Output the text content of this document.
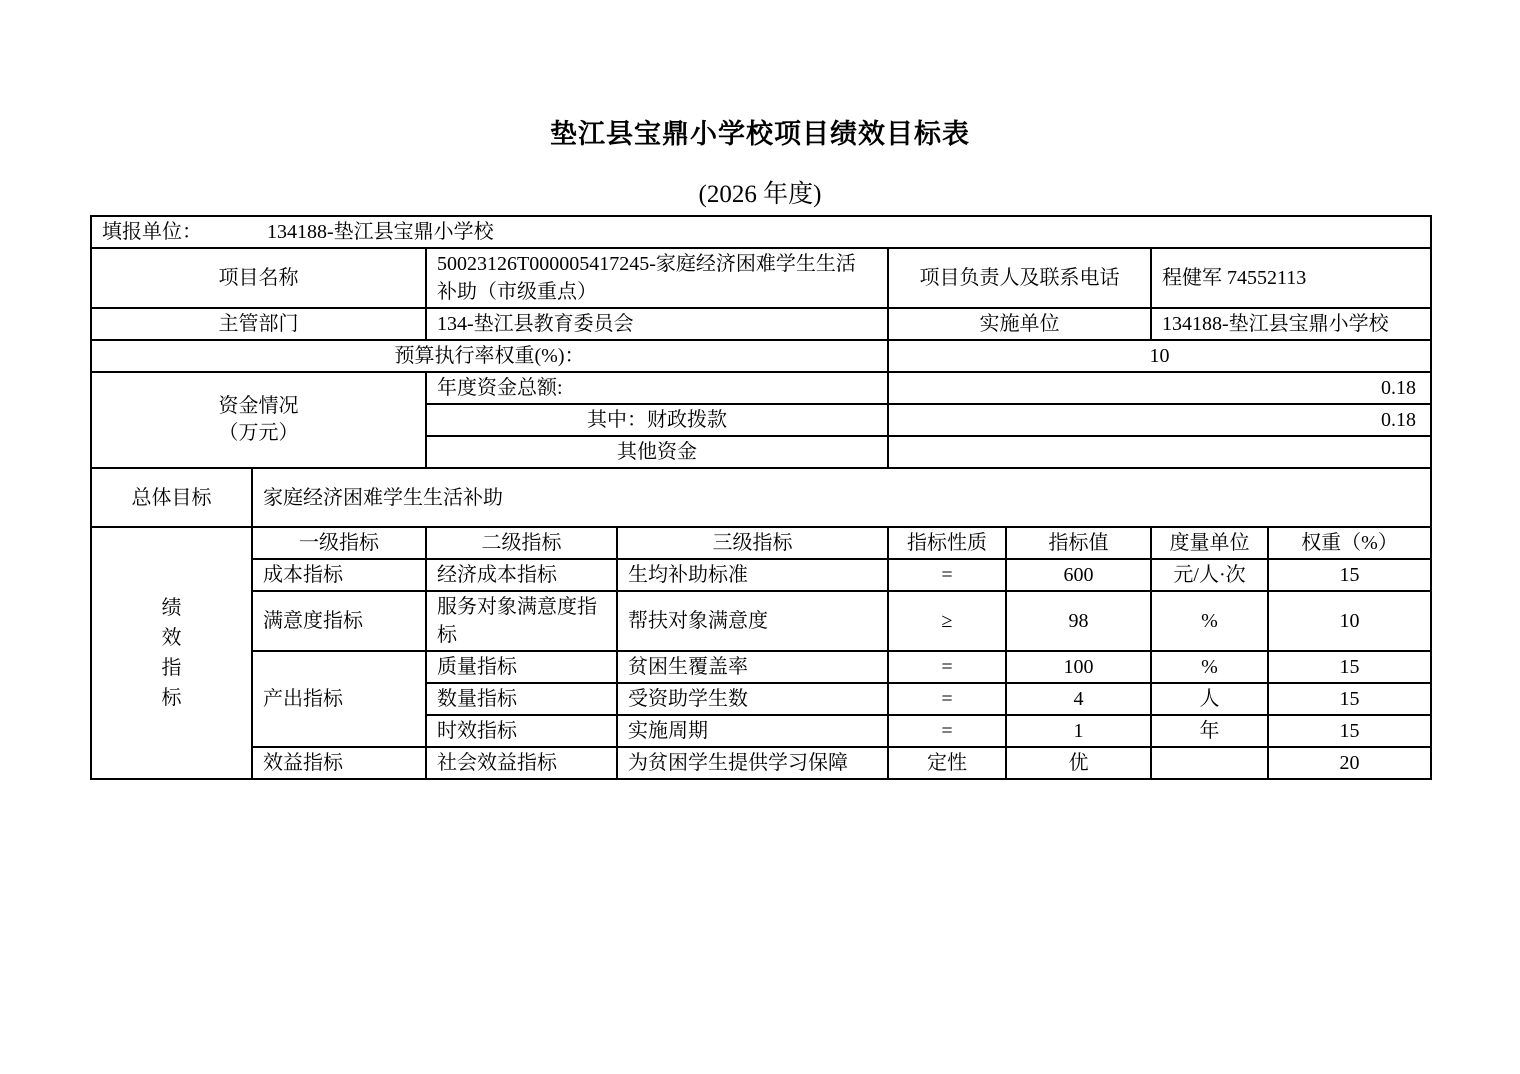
垫江县宝鼎小学校项目绩效目标表
(2026 年度)
填报单位： 134188-垫江县宝鼎小学校							
项目名称		50023126T000005417245-家庭经济困难学生生活补助（市级重点）		项目负责人及联系电话		程健军 74552113	
主管部门		134-垫江县教育委员会		实施单位		134188-垫江县宝鼎小学校	
预算执行率权重(%)：				10			

资金情况
（万元）		年度资金总额:		0.18			
		其中：财政拨款		0.18			
		其他资金					
总体目标	家庭经济困难学生生活补助						

绩效指标	一级指标	二级指标	三级指标	指标性质	指标值	度量单位	权重（%）
	成本指标	经济成本指标	生均补助标准	=	600	元/人·次	15
	满意度指标	服务对象满意度指标	帮扶对象满意度	≥	98	%	10
	产出指标	质量指标	贫困生覆盖率	=	100	%	15
		数量指标	受资助学生数	=	4	人	15
		时效指标	实施周期	=	1	年	15
	效益指标	社会效益指标	为贫困学生提供学习保障	定性	优		20
